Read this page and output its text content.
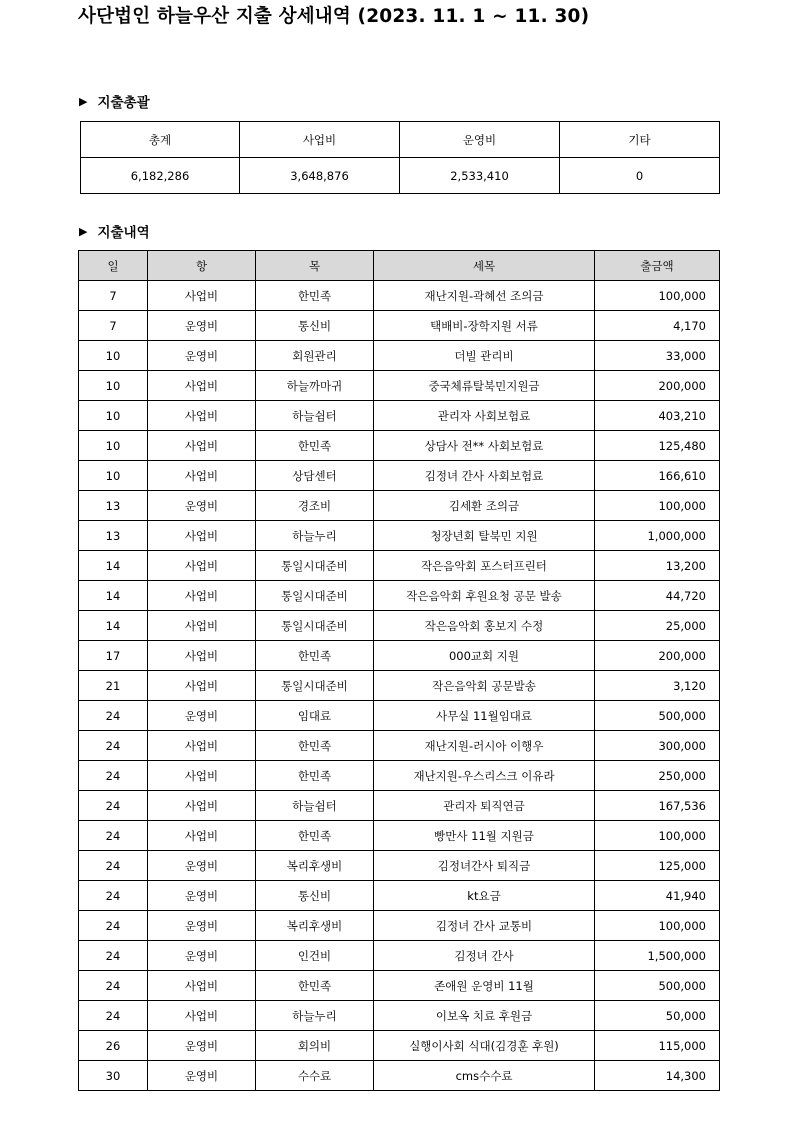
사단법인 하늘우산 지출 상세내역 (2023. 11. 1 ~ 11. 30)
▶ 지출총괄
총계	사업비	운영비	기타
6,182,286	3,648,876	2,533,410	0
▶ 지출내역
일	항	목	세목	출금액
7	사업비	한민족	재난지원-곽혜선 조의금	100,000
7	운영비	통신비	택배비-장학지원 서류	4,170
10	운영비	회원관리	더빌 관리비	33,000
10	사업비	하늘까마귀	중국체류탈북민지원금	200,000
10	사업비	하늘쉼터	관리자 사회보험료	403,210
10	사업비	한민족	상담사 전** 사회보험료	125,480
10	사업비	상담센터	김정녀 간사 사회보험료	166,610
13	운영비	경조비	김세환 조의금	100,000
13	사업비	하늘누리	청장년회 탈북민 지원	1,000,000
14	사업비	통일시대준비	작은음악회 포스터프린터	13,200
14	사업비	통일시대준비	작은음악회 후원요청 공문 발송	44,720
14	사업비	통일시대준비	작은음악회 홍보지 수정	25,000
17	사업비	한민족	000교회 지원	200,000
21	사업비	통일시대준비	작은음악회 공문발송	3,120
24	운영비	임대료	사무실 11월임대료	500,000
24	사업비	한민족	재난지원-러시아 이행우	300,000
24	사업비	한민족	재난지원-우스리스크 이유라	250,000
24	사업비	하늘쉼터	관리자 퇴직연금	167,536
24	사업비	한민족	빵만사 11월 지원금	100,000
24	운영비	복리후생비	김정녀간사 퇴직금	125,000
24	운영비	통신비	kt요금	41,940
24	운영비	복리후생비	김정녀 간사 교통비	100,000
24	운영비	인건비	김정녀 간사	1,500,000
24	사업비	한민족	존애원 운영비 11월	500,000
24	사업비	하늘누리	이보옥 치료 후원금	50,000
26	운영비	회의비	실행이사회 식대(김경훈 후원)	115,000
30	운영비	수수료	cms수수료	14,300
